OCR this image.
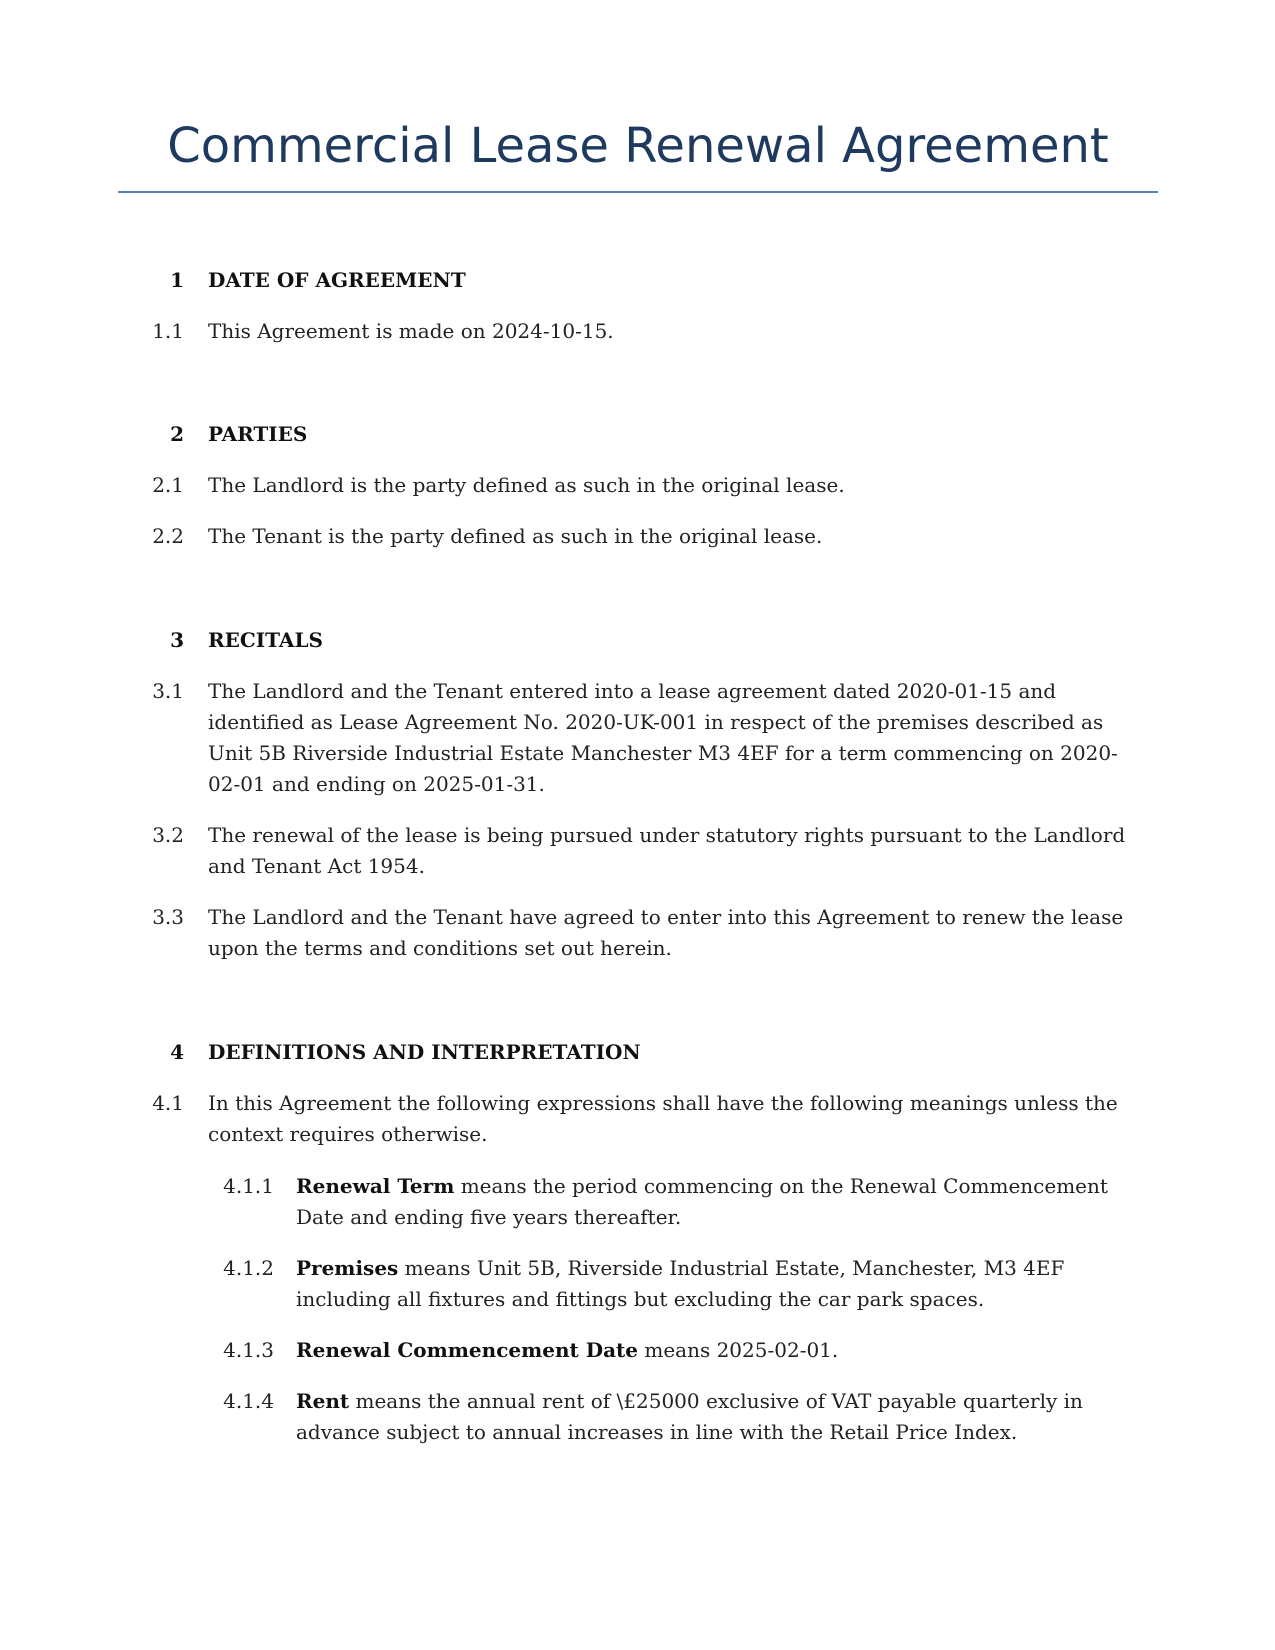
Commercial Lease Renewal Agreement
1 DATE OF AGREEMENT
1.1 This Agreement is made on 2024-10-15.
2 PARTIES
2.1 The Landlord is the party defined as such in the original lease.
2.2 The Tenant is the party defined as such in the original lease.
3 RECITALS
3.1 The Landlord and the Tenant entered into a lease agreement dated 2020-01-15 and identified as Lease Agreement No. 2020-UK-001 in respect of the premises described as Unit 5B Riverside Industrial Estate Manchester M3 4EF for a term commencing on 2020-02-01 and ending on 2025-01-31.
3.2 The renewal of the lease is being pursued under statutory rights pursuant to the Landlord and Tenant Act 1954.
3.3 The Landlord and the Tenant have agreed to enter into this Agreement to renew the lease upon the terms and conditions set out herein.
4 DEFINITIONS AND INTERPRETATION
4.1 In this Agreement the following expressions shall have the following meanings unless the context requires otherwise.
4.1.1 Renewal Term means the period commencing on the Renewal Commencement Date and ending five years thereafter.
4.1.2 Premises means Unit 5B, Riverside Industrial Estate, Manchester, M3 4EF including all fixtures and fittings but excluding the car park spaces.
4.1.3 Renewal Commencement Date means 2025-02-01.
4.1.4 Rent means the annual rent of \£25000 exclusive of VAT payable quarterly in advance subject to annual increases in line with the Retail Price Index.
